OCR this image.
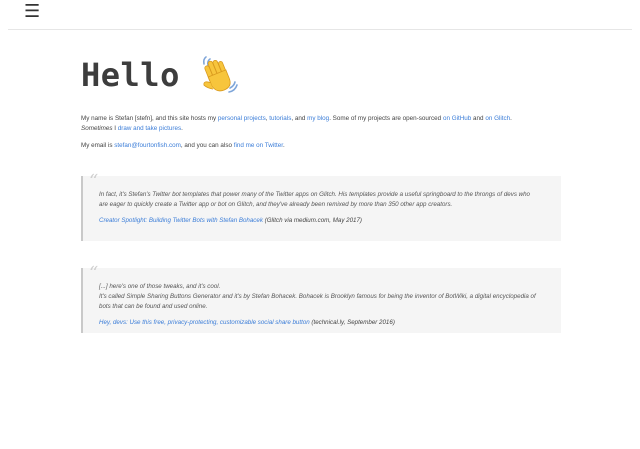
☰
Hello

My name is Stefan [stefn], and this site hosts my personal projects, tutorials, and my blog. Some of my projects are open-sourced on GitHub and on Glitch.
Sometimes I draw and take pictures.

My email is stefan@fourtonfish.com, and you can also find me on Twitter.

“

In fact, it's Stefan's Twitter bot templates that power many of the Twitter apps on Glitch. His templates provide a useful springboard to the throngs of devs who are eager to quickly create a Twitter app or bot on Glitch, and they've already been remixed by more than 350 other app creators.

Creator Spotlight: Building Twitter Bots with Stefan Bohacek (Glitch via medium.com, May 2017)

“

[...] here's one of those tweaks, and it's cool.

It's called Simple Sharing Buttons Generator and it's by Stefan Bohacek. Bohacek is Brooklyn famous for being the inventor of BotWiki, a digital encyclopedia of bots that can be found and used online.

Hey, devs: Use this free, privacy-protecting, customizable social share button (technical.ly, September 2016)
